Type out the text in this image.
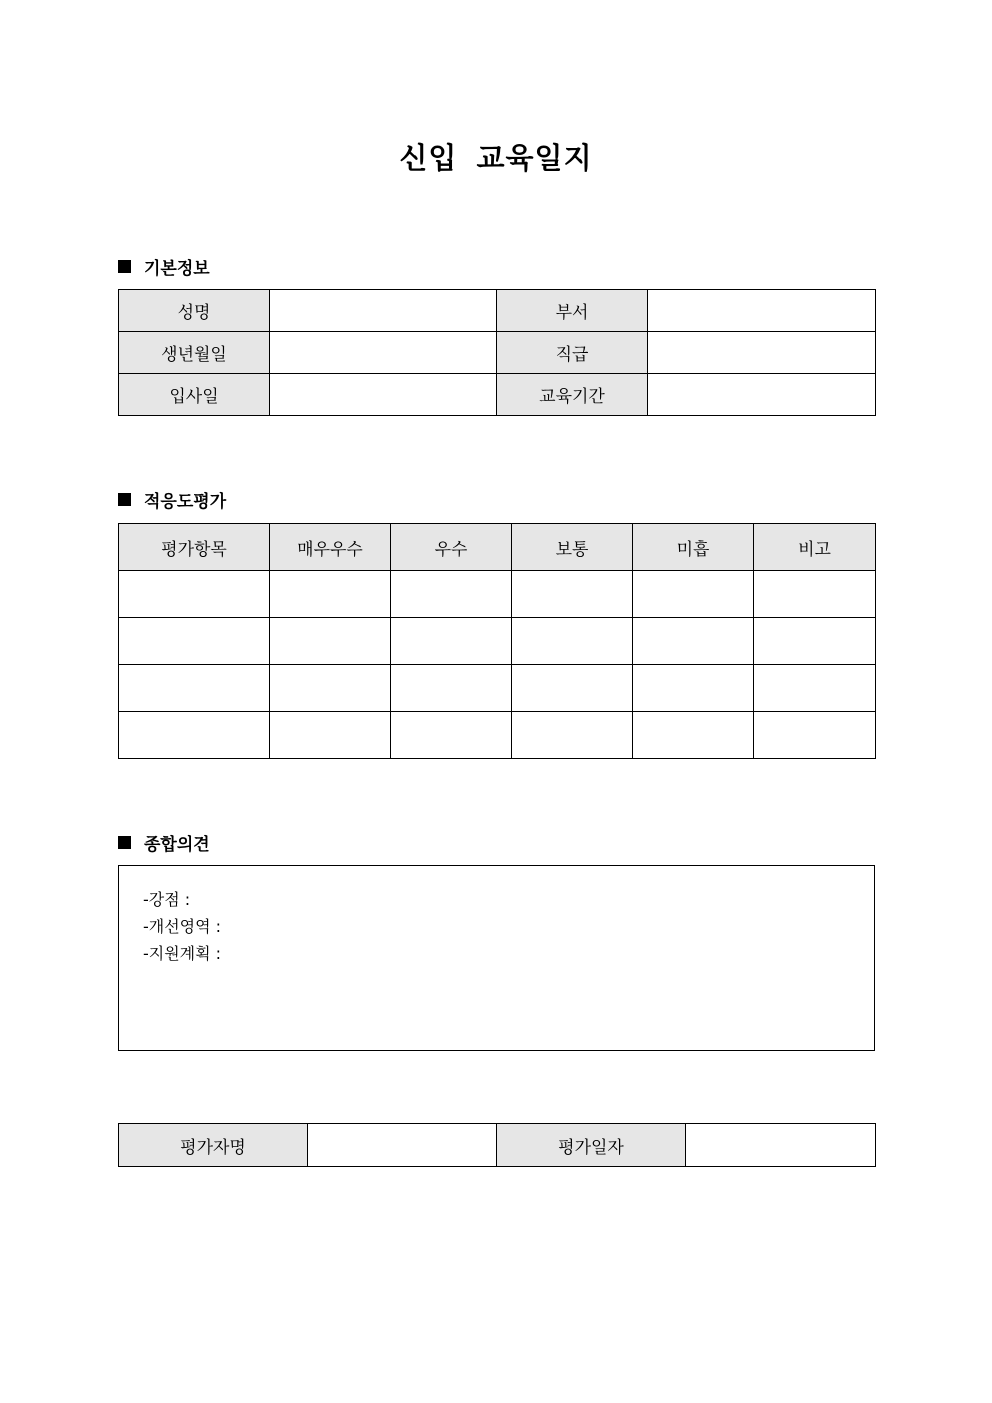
신입 교육일지
기본정보
성명		부서	
생년월일		직급	
입사일		교육기간	
적응도평가
평가항목	매우우수	우수	보통	미흡	비고

종합의견
-강점 :
-개선영역 :
-지원계획 :
평가자명		평가일자	
